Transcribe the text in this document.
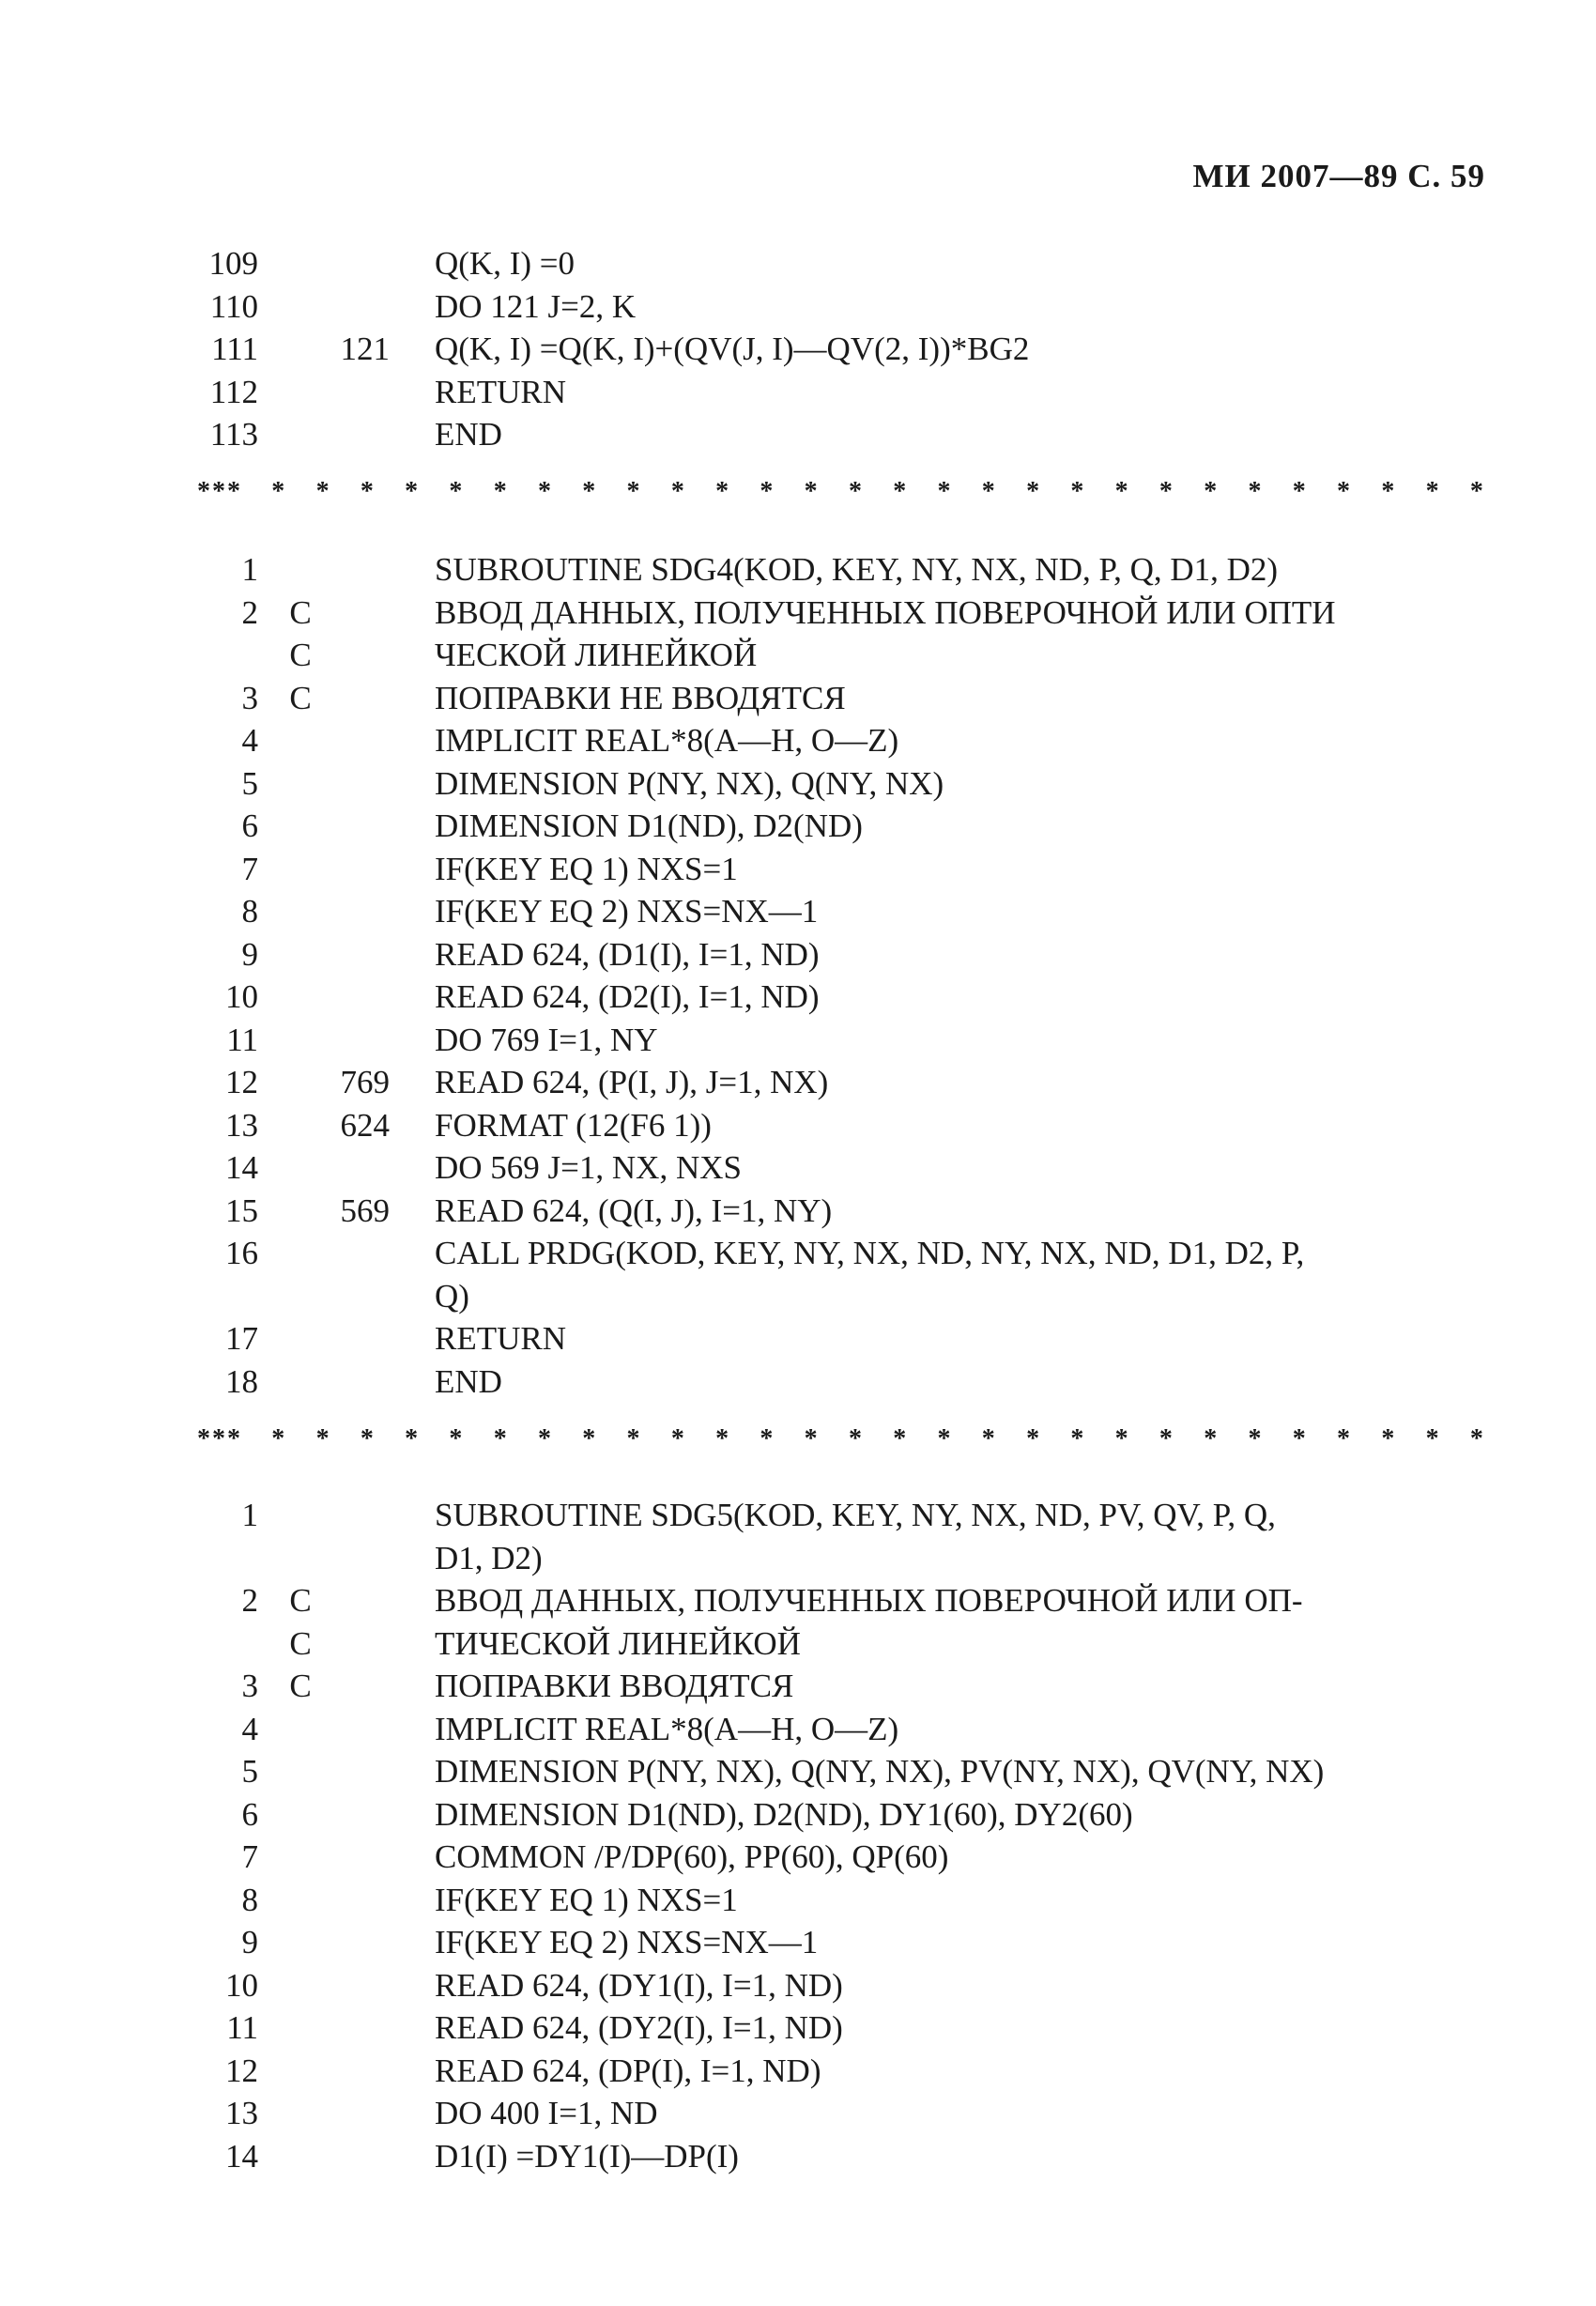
МИ 2007—89 С. 59
109	Q(K, I) =0
110	DO 121 J=2, K
111	121 Q(K, I) =Q(K, I)+(QV(J, I)—QV(2, I))*BG2
112	RETURN
113	END
*** * * * * * * * * * * * * * * * * * * * * * * * * * * * *
1	SUBROUTINE SDG4(KOD, KEY, NY, NX, ND, P, Q, D1, D2)
2 C	ВВОД ДАННЫХ, ПОЛУЧЕННЫХ ПОВЕРОЧНОЙ ИЛИ ОПТИ
C	ЧЕСКОЙ ЛИНЕЙКОЙ
3 C	ПОПРАВКИ НЕ ВВОДЯТСЯ
4	IMPLICIT REAL*8(A—H, O—Z)
5	DIMENSION P(NY, NX), Q(NY, NX)
6	DIMENSION D1(ND), D2(ND)
7	IF(KEY EQ 1) NXS=1
8	IF(KEY EQ 2) NXS=NX—1
9	READ 624, (D1(I), I=1, ND)
10	READ 624, (D2(I), I=1, ND)
11	DO 769 I=1, NY
12	769 READ 624, (P(I, J), J=1, NX)
13	624 FORMAT (12(F6 1))
14	DO 569 J=1, NX, NXS
15	569 READ 624, (Q(I, J), I=1, NY)
16	CALL PRDG(KOD, KEY, NY, NX, ND, NY, NX, ND, D1, D2, P,
Q)
17	RETURN
18	END
*** * * * * * * * * * * * * * * * * * * * * * * * * * * * *
1	SUBROUTINE SDG5(KOD, KEY, NY, NX, ND, PV, QV, P, Q,
D1, D2)
2 C	ВВОД ДАННЫХ, ПОЛУЧЕННЫХ ПОВЕРОЧНОЙ ИЛИ ОП-
C	ТИЧЕСКОЙ ЛИНЕЙКОЙ
3 C	ПОПРАВКИ ВВОДЯТСЯ
4	IMPLICIT REAL*8(A—H, O—Z)
5	DIMENSION P(NY, NX), Q(NY, NX), PV(NY, NX), QV(NY, NX)
6	DIMENSION D1(ND), D2(ND), DY1(60), DY2(60)
7	COMMON /P/DP(60), PP(60), QP(60)
8	IF(KEY EQ 1) NXS=1
9	IF(KEY EQ 2) NXS=NX—1
10	READ 624, (DY1(I), I=1, ND)
11	READ 624, (DY2(I), I=1, ND)
12	READ 624, (DP(I), I=1, ND)
13	DO 400 I=1, ND
14	D1(I) =DY1(I)—DP(I)
